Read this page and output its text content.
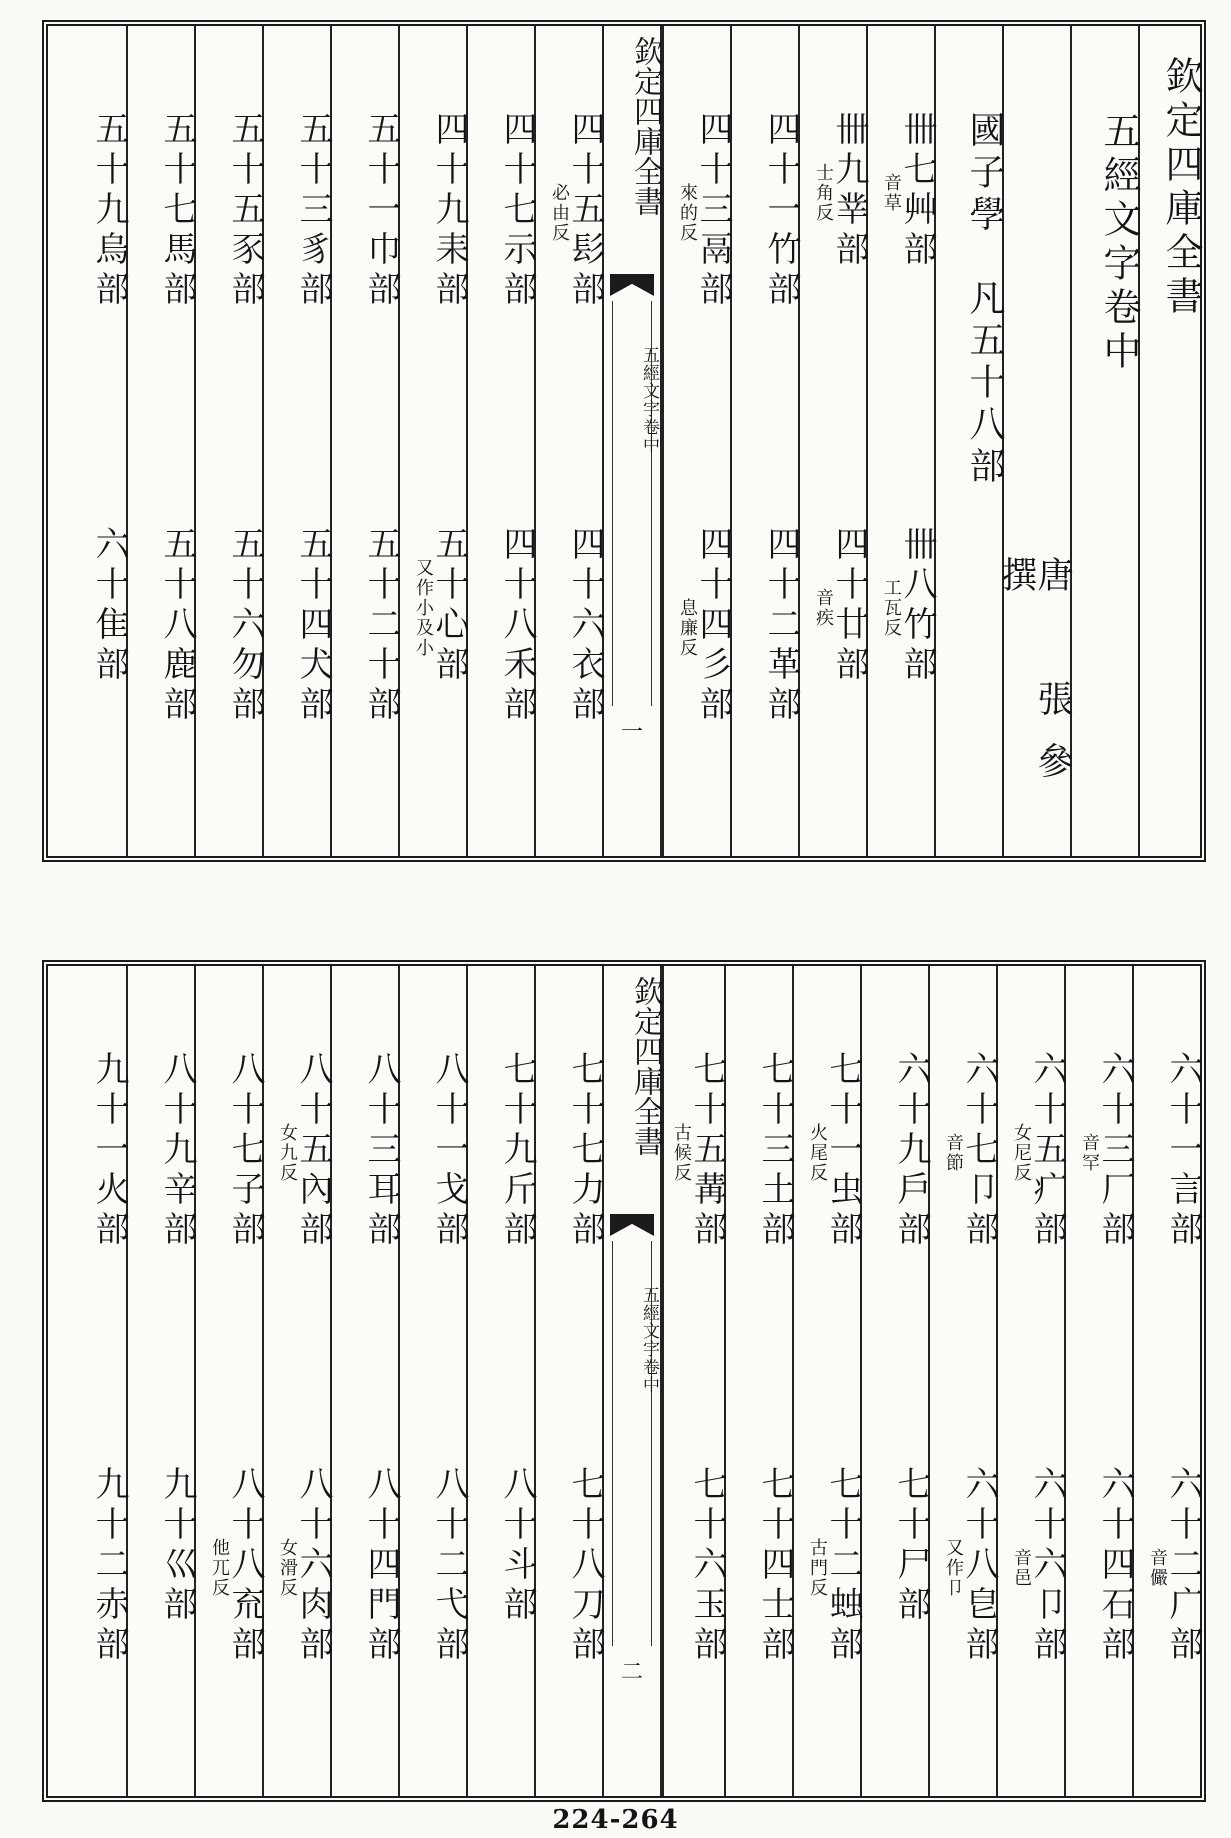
欽定四庫全書
五經文字卷中
唐　張參　撰
國子學　凡五十八部
卌七艸部
音草
卌八竹部
工瓦反
卌九丵部
士角反
四十廿部
音疾
四十一竹部
四十二革部
四十三鬲部
來的反
四十四彡部
息廉反
欽定四庫全書
五經文字卷中
一
四十五髟部
必由反
四十六衣部
四十七示部
四十八禾部
四十九耒部
五十心部
又作小及小
五十一巾部
五十二十部
五十三豸部
五十四犬部
五十五豕部
五十六勿部
五十七馬部
五十八鹿部
五十九烏部
六十隹部
六十一言部
六十二广部
音儼
六十三厂部
音罕
六十四石部
六十五疒部
女尼反
六十六卩部
音邑
六十七卩部
音節
六十八皀部
又作卩
六十九戶部
七十尸部
七十一虫部
火尾反
七十二䖵部
古門反
七十三土部
七十四士部
七十五冓部
古候反
七十六玉部
欽定四庫全書
五經文字卷中
二
七十七力部
七十八刀部
七十九斤部
八十斗部
八十一戈部
八十二弋部
八十三耳部
八十四門部
八十五內部
女九反
八十六肉部
女滑反
八十七子部
八十八㐬部
他兀反
八十九辛部
九十巛部
九十一火部
九十二赤部
224-264
